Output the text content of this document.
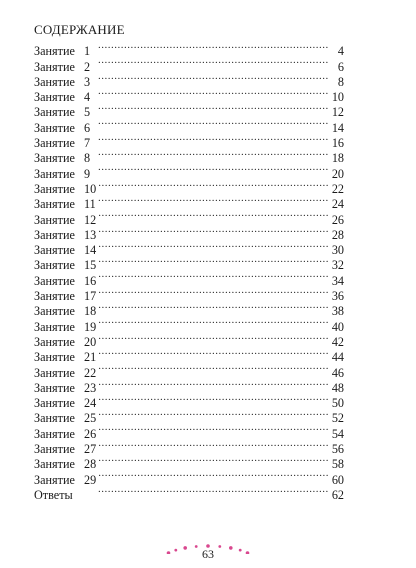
СОДЕРЖАНИЕ
Занятие 1 .....	4
Занятие 2 .....	6
Занятие 3 .....	8
Занятие 4 .....	10
Занятие 5 .....	12
Занятие 6 .....	14
Занятие 7 .....	16
Занятие 8 .....	18
Занятие 9 .....	20
Занятие 10 .....	22
Занятие 11 .....	24
Занятие 12 .....	26
Занятие 13 .....	28
Занятие 14 .....	30
Занятие 15 .....	32
Занятие 16 .....	34
Занятие 17 .....	36
Занятие 18 .....	38
Занятие 19 .....	40
Занятие 20 .....	42
Занятие 21 .....	44
Занятие 22 .....	46
Занятие 23 .....	48
Занятие 24 .....	50
Занятие 25 .....	52
Занятие 26 .....	54
Занятие 27 .....	56
Занятие 28 .....	58
Занятие 29 .....	60
Ответы .....	62
63
